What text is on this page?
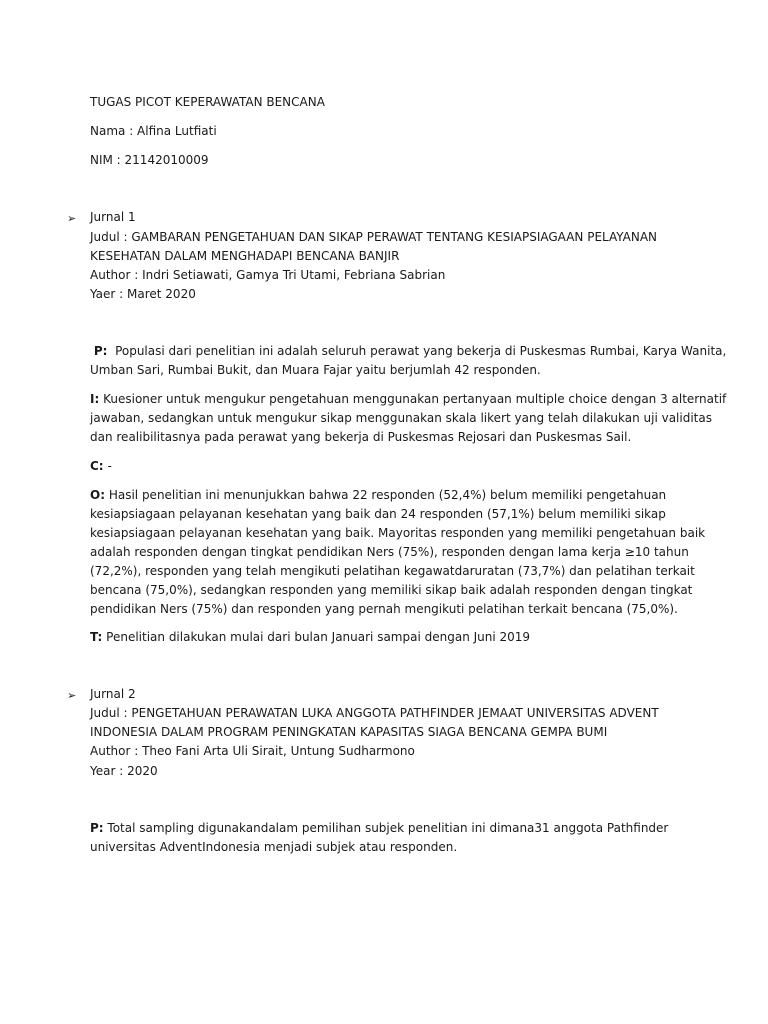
TUGAS PICOT KEPERAWATAN BENCANA

Nama : Alfina Lutfiati

NIM : 21142010009

➢ Jurnal 1

Judul : GAMBARAN PENGETAHUAN DAN SIKAP PERAWAT TENTANG KESIAPSIAGAAN PELAYANAN

KESEHATAN DALAM MENGHADAPI BENCANA BANJIR

Author : Indri Setiawati, Gamya Tri Utami, Febriana Sabrian

Yaer : Maret 2020

P: Populasi dari penelitian ini adalah seluruh perawat yang bekerja di Puskesmas Rumbai, Karya Wanita,
Umban Sari, Rumbai Bukit, dan Muara Fajar yaitu berjumlah 42 responden.
I: Kuesioner untuk mengukur pengetahuan menggunakan pertanyaan multiple choice dengan 3 alternatif
jawaban, sedangkan untuk mengukur sikap menggunakan skala likert yang telah dilakukan uji validitas
dan realibilitasnya pada perawat yang bekerja di Puskesmas Rejosari dan Puskesmas Sail.
C: -
O: Hasil penelitian ini menunjukkan bahwa 22 responden (52,4%) belum memiliki pengetahuan
kesiapsiagaan pelayanan kesehatan yang baik dan 24 responden (57,1%) belum memiliki sikap
kesiapsiagaan pelayanan kesehatan yang baik. Mayoritas responden yang memiliki pengetahuan baik
adalah responden dengan tingkat pendidikan Ners (75%), responden dengan lama kerja ≥10 tahun
(72,2%), responden yang telah mengikuti pelatihan kegawatdaruratan (73,7%) dan pelatihan terkait
bencana (75,0%), sedangkan responden yang memiliki sikap baik adalah responden dengan tingkat
pendidikan Ners (75%) dan responden yang pernah mengikuti pelatihan terkait bencana (75,0%).
T: Penelitian dilakukan mulai dari bulan Januari sampai dengan Juni 2019
➢ Jurnal 2

Judul : PENGETAHUAN PERAWATAN LUKA ANGGOTA PATHFINDER JEMAAT UNIVERSITAS ADVENT

INDONESIA DALAM PROGRAM PENINGKATAN KAPASITAS SIAGA BENCANA GEMPA BUMI

Author : Theo Fani Arta Uli Sirait, Untung Sudharmono

Year : 2020

P: Total sampling digunakandalam pemilihan subjek penelitian ini dimana31 anggota Pathfinder
universitas AdventIndonesia menjadi subjek atau responden.
